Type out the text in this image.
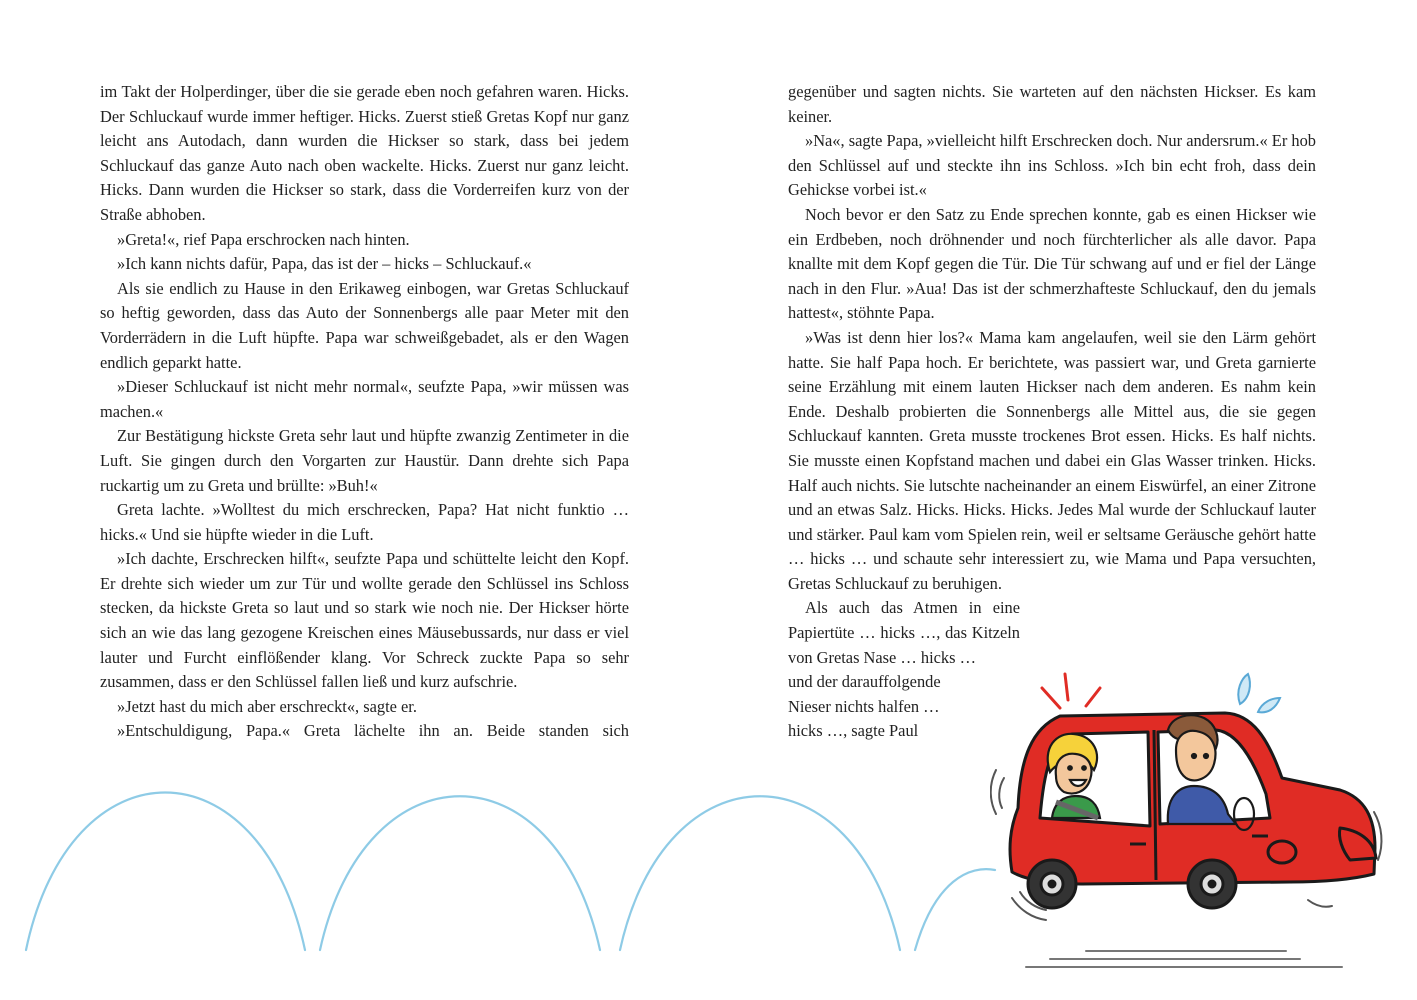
im Takt der Holperdinger, über die sie gerade eben noch gefahren waren. Hicks. Der Schluckauf wurde immer heftiger. Hicks. Zuerst stieß Gretas Kopf nur ganz leicht ans Autodach, dann wurden die Hickser so stark, dass bei jedem Schluckauf das ganze Auto nach oben wackelte. Hicks. Zuerst nur ganz leicht. Hicks. Dann wurden die Hickser so stark, dass die Vorderreifen kurz von der Straße abhoben.

»Greta!«, rief Papa erschrocken nach hinten.

»Ich kann nichts dafür, Papa, das ist der – hicks – Schluckauf.«

Als sie endlich zu Hause in den Erikaweg einbogen, war Gretas Schluckauf so heftig geworden, dass das Auto der Sonnenbergs alle paar Meter mit den Vorderrädern in die Luft hüpfte. Papa war schweißgebadet, als er den Wagen endlich geparkt hatte.

»Dieser Schluckauf ist nicht mehr normal«, seufzte Papa, »wir müssen was machen.«

Zur Bestätigung hickste Greta sehr laut und hüpfte zwanzig Zentimeter in die Luft. Sie gingen durch den Vorgarten zur Haustür. Dann drehte sich Papa ruckartig um zu Greta und brüllte: »Buh!«

Greta lachte. »Wolltest du mich erschrecken, Papa? Hat nicht funktio … hicks.« Und sie hüpfte wieder in die Luft.

»Ich dachte, Erschrecken hilft«, seufzte Papa und schüttelte leicht den Kopf. Er drehte sich wieder um zur Tür und wollte gerade den Schlüssel ins Schloss stecken, da hickste Greta so laut und so stark wie noch nie. Der Hickser hörte sich an wie das lang gezogene Kreischen eines Mäusebussards, nur dass er viel lauter und Furcht einflößender klang. Vor Schreck zuckte Papa so sehr zusammen, dass er den Schlüssel fallen ließ und kurz aufschrie.

»Jetzt hast du mich aber erschreckt«, sagte er.

»Entschuldigung, Papa.« Greta lächelte ihn an. Beide standen sich

gegenüber und sagten nichts. Sie warteten auf den nächsten Hickser. Es kam keiner.

»Na«, sagte Papa, »vielleicht hilft Erschrecken doch. Nur andersrum.« Er hob den Schlüssel auf und steckte ihn ins Schloss. »Ich bin echt froh, dass dein Gehickse vorbei ist.«

Noch bevor er den Satz zu Ende sprechen konnte, gab es einen Hickser wie ein Erdbeben, noch dröhnender und noch fürchterlicher als alle davor. Papa knallte mit dem Kopf gegen die Tür. Die Tür schwang auf und er fiel der Länge nach in den Flur. »Aua! Das ist der schmerzhafteste Schluckauf, den du jemals hattest«, stöhnte Papa.

»Was ist denn hier los?« Mama kam angelaufen, weil sie den Lärm gehört hatte. Sie half Papa hoch. Er berichtete, was passiert war, und Greta garnierte seine Erzählung mit einem lauten Hickser nach dem anderen. Es nahm kein Ende. Deshalb probierten die Sonnenbergs alle Mittel aus, die sie gegen Schluckauf kannten. Greta musste trockenes Brot essen. Hicks. Es half nichts. Sie musste einen Kopfstand machen und dabei ein Glas Wasser trinken. Hicks. Half auch nichts. Sie lutschte nacheinander an einem Eiswürfel, an einer Zitrone und an etwas Salz. Hicks. Hicks. Hicks. Jedes Mal wurde der Schluckauf lauter und stärker. Paul kam vom Spielen rein, weil er seltsame Geräusche gehört hatte … hicks … und schaute sehr interessiert zu, wie Mama und Papa versuchten, Gretas Schluckauf zu beruhigen.

Als auch das Atmen in eine
Papiertüte … hicks …, das Kitzeln
von Gretas Nase … hicks …
und der darauffolgende
Nieser nichts halfen …
hicks …, sagte Paul
